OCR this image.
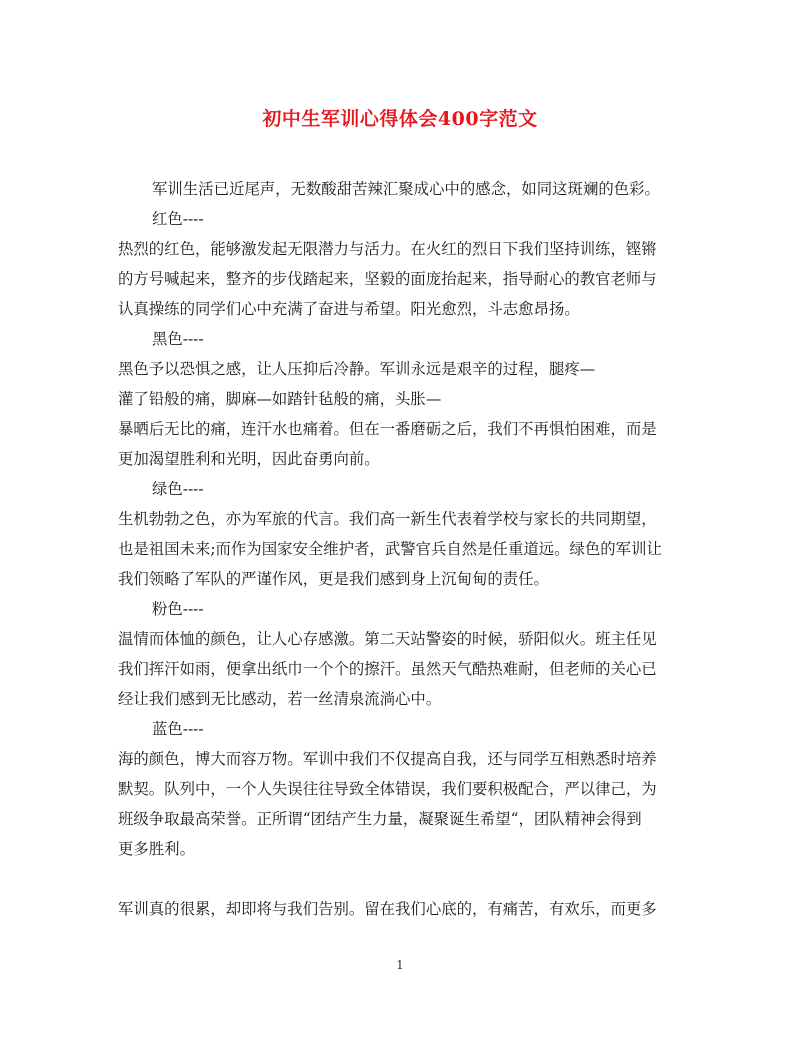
初中生军训心得体会400字范文
军训生活已近尾声，无数酸甜苦辣汇聚成心中的感念，如同这斑斓的色彩。
红色----
热烈的红色，能够激发起无限潜力与活力。在火红的烈日下我们坚持训练，铿锵
的方号喊起来，整齐的步伐踏起来，坚毅的面庞抬起来，指导耐心的教官老师与
认真操练的同学们心中充满了奋进与希望。阳光愈烈，斗志愈昂扬。
黑色----
黑色予以恐惧之感，让人压抑后冷静。军训永远是艰辛的过程，腿疼—
灌了铅般的痛，脚麻—如踏针毡般的痛，头胀—
暴晒后无比的痛，连汗水也痛着。但在一番磨砺之后，我们不再惧怕困难，而是
更加渴望胜利和光明，因此奋勇向前。
绿色----
生机勃勃之色，亦为军旅的代言。我们高一新生代表着学校与家长的共同期望，
也是祖国未来;而作为国家安全维护者，武警官兵自然是任重道远。绿色的军训让
我们领略了军队的严谨作风，更是我们感到身上沉甸甸的责任。
粉色----
温情而体恤的颜色，让人心存感激。第二天站警姿的时候，骄阳似火。班主任见
我们挥汗如雨，便拿出纸巾一个个的擦汗。虽然天气酷热难耐，但老师的关心已
经让我们感到无比感动，若一丝清泉流淌心中。
蓝色----
海的颜色，博大而容万物。军训中我们不仅提高自我，还与同学互相熟悉时培养
默契。队列中，一个人失误往往导致全体错误，我们要积极配合，严以律己，为
班级争取最高荣誉。正所谓“团结产生力量，凝聚诞生希望“，团队精神会得到
更多胜利。
军训真的很累，却即将与我们告别。留在我们心底的，有痛苦，有欢乐，而更多
1
